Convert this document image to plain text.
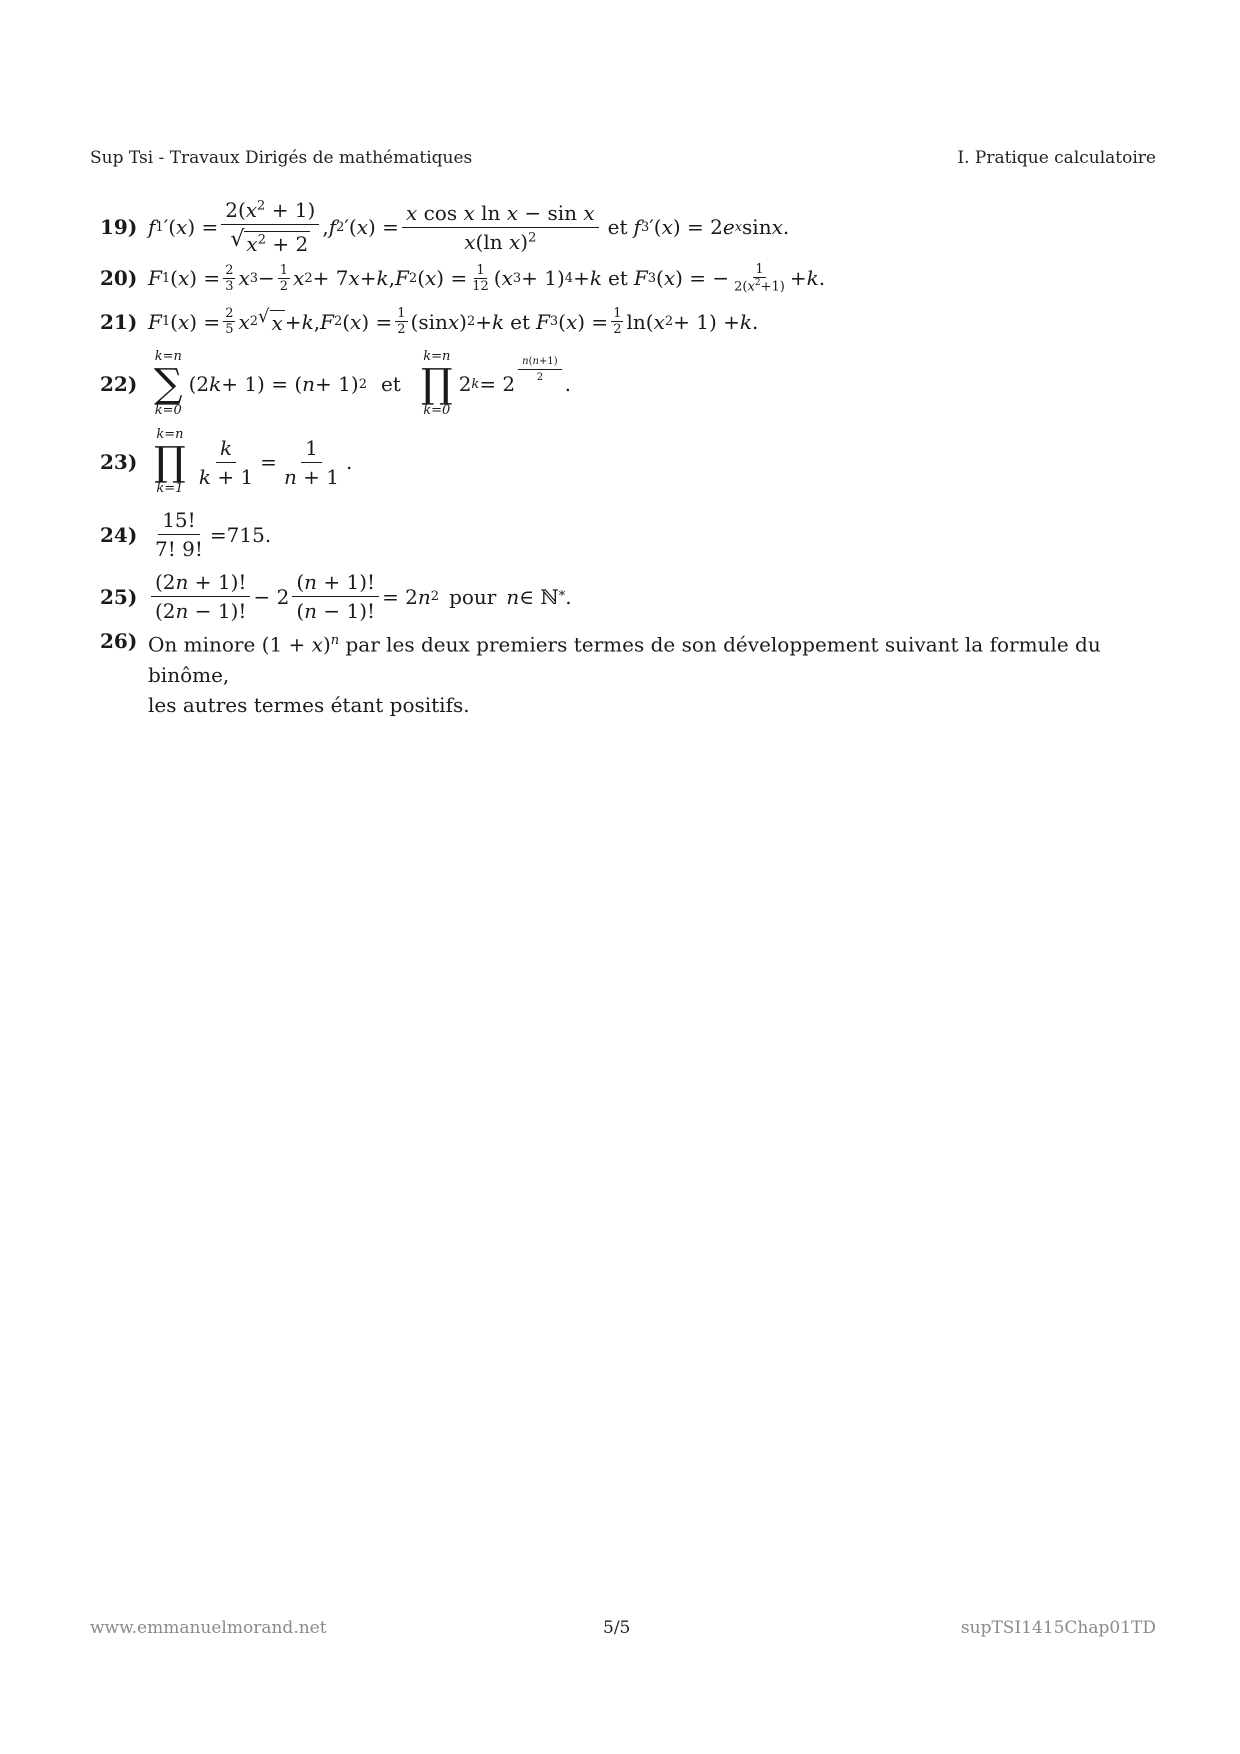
Sup Tsi - Travaux Dirigés de mathématiques	I. Pratique calculatoire
19) f 1 ′( x ) = $\frac{2(x^2 + 1)}{√ x^2 + 2}$ , f 2 ′( x ) = $\frac{\text{x cos x ln x − sin x}}{x(\ln x)^2}$ et f 3 ′( x ) = 2 e x sin x .
20) F 1 ( x ) = $\frac{2}{3}$ x $3 - \frac{1}{2}$ x 2 + 7 x + k , F 2 ( x ) = $\frac{1}{12}$ ( x 3 + 1) 4 + k et F 3 ( x ) = − $\frac{1}{2(x^2+1)} + k$ .
21) F 1 ( x ) = $\frac{2}{5}$ x 2 √ x + k , F 2 ( x ) = $\frac{1}{2} (\sin$ x ) 2 + k et F 3 ( x ) = $\frac{1}{2} \ln$( x 2 + 1) + k .
22)
k=n
∑
k=0
(2 k + 1) = ( n + 1) 2 et
k=n
∏
k=0
2 k = 2
$\frac{n(n+1)}{2}$
.
23)
k=n
∏
$k=1 \frac{k}{k + 1} = \frac{1}{n + 1}$ .
$24) \frac{15!}{7! 9!} = 715$ .
$25) \frac{(2n + 1)!}{(2n - 1)!} - 2 \frac{(n + 1)!}{(n - 1)!} = 2$ n 2 pour n ∈ ℕ * .
26) On minore $(1 + x)^n$ par les deux premiers termes de son développement suivant la formule du binôme,
les autres termes étant positifs.
www.emmanuelmorand.net	5/5	supTSI1415Chap01TD
